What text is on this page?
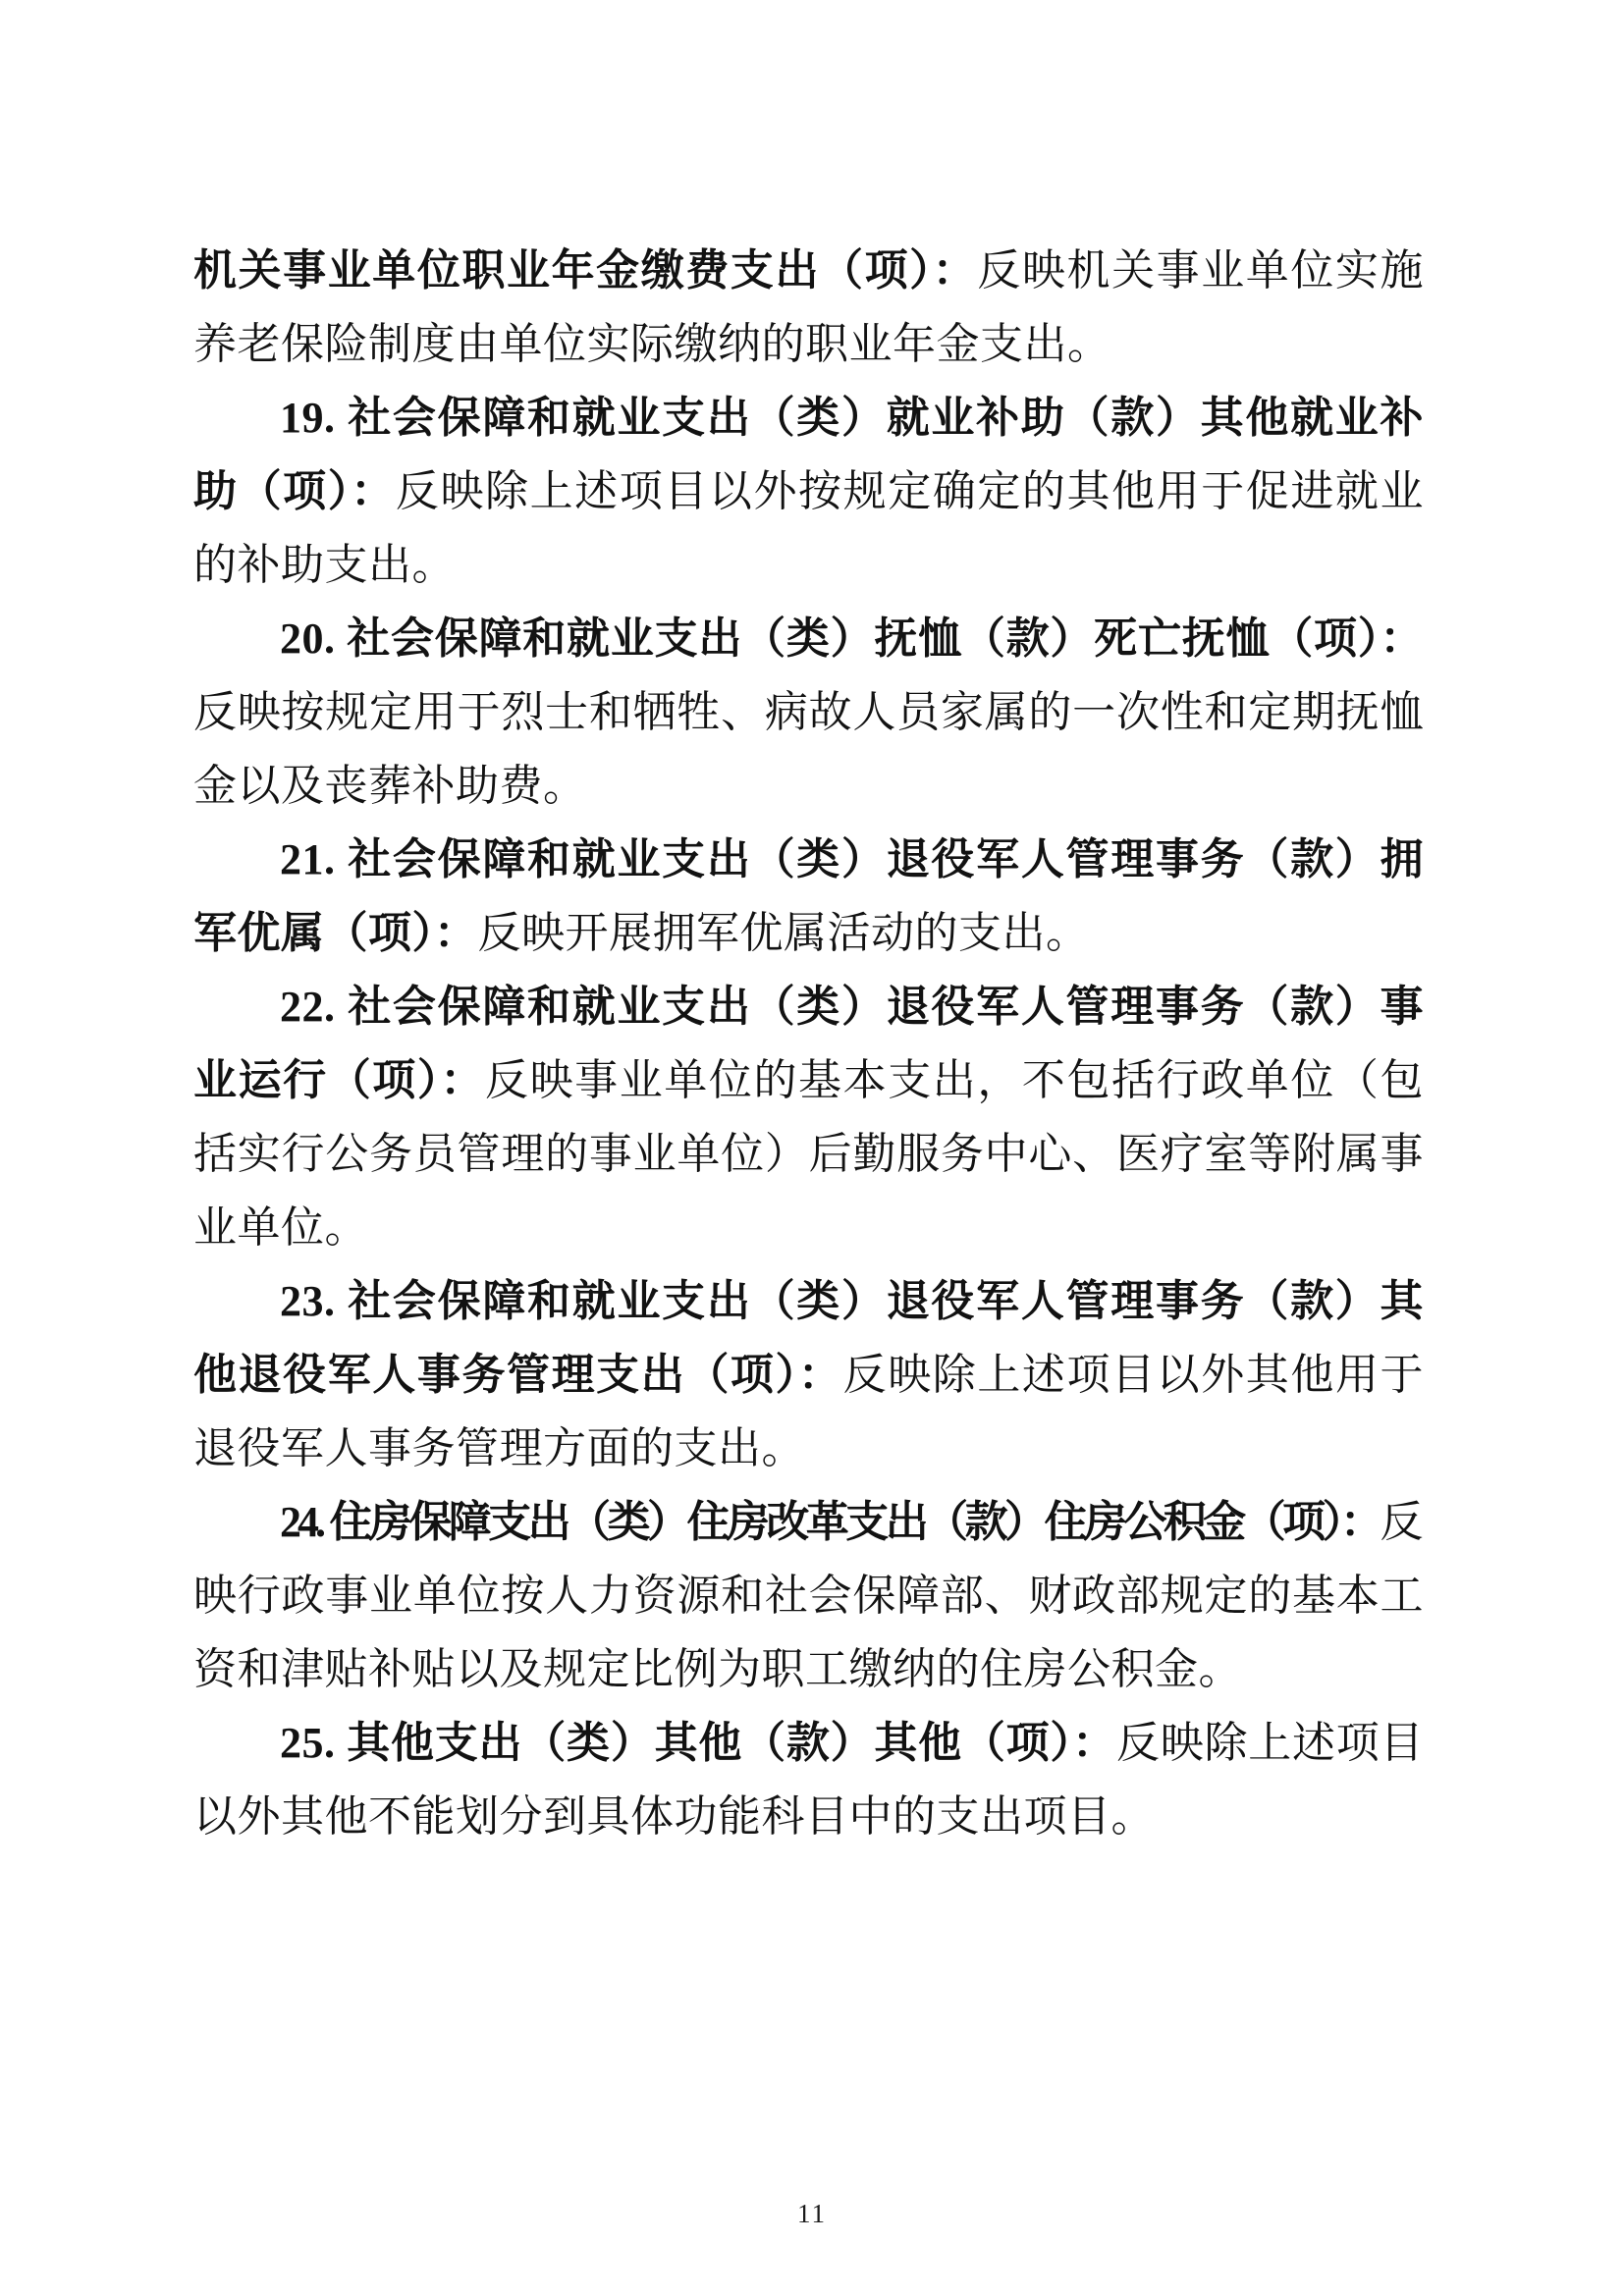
机关事业单位职业年金缴费支出（项）：反映机关事业单位实施养老保险制度由单位实际缴纳的职业年金支出。

19. 社会保障和就业支出（类）就业补助（款）其他就业补助（项）：反映除上述项目以外按规定确定的其他用于促进就业的补助支出。

20. 社会保障和就业支出（类）抚恤（款）死亡抚恤（项）：反映按规定用于烈士和牺牲、病故人员家属的一次性和定期抚恤金以及丧葬补助费。

21. 社会保障和就业支出（类）退役军人管理事务（款）拥军优属（项）：反映开展拥军优属活动的支出。

22. 社会保障和就业支出（类）退役军人管理事务（款）事业运行（项）：反映事业单位的基本支出，不包括行政单位（包括实行公务员管理的事业单位）后勤服务中心、医疗室等附属事业单位。

23. 社会保障和就业支出（类）退役军人管理事务（款）其他退役军人事务管理支出（项）：反映除上述项目以外其他用于退役军人事务管理方面的支出。

24. 住房保障支出（类）住房改革支出（款）住房公积金（项）：反映行政事业单位按人力资源和社会保障部、财政部规定的基本工资和津贴补贴以及规定比例为职工缴纳的住房公积金。

25. 其他支出（类）其他（款）其他（项）：反映除上述项目以外其他不能划分到具体功能科目中的支出项目。

11
